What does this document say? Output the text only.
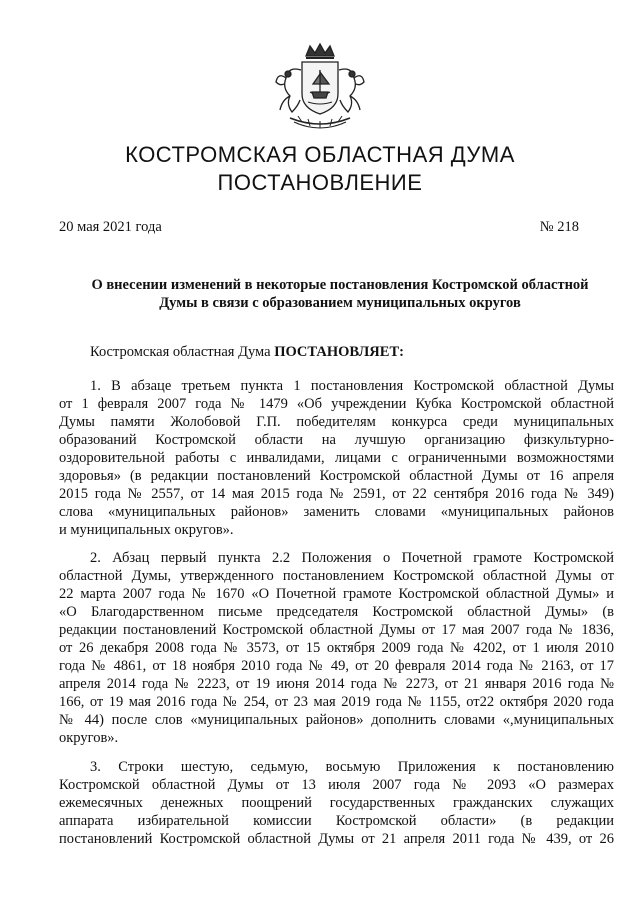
КОСТРОМСКАЯ ОБЛАСТНАЯ ДУМА
ПОСТАНОВЛЕНИЕ
20 мая 2021 года	№ 218
О внесении изменений в некоторые постановления Костромской областной
Думы в связи с образованием муниципальных округов
Костромская областная Дума ПОСТАНОВЛЯЕТ:
1. В абзаце третьем пункта 1 постановления Костромской областной Думы
от 1 февраля 2007 года № 1479 «Об учреждении Кубка Костромской областной
Думы памяти Жолобовой Г.П. победителям конкурса среди муниципальных
образований Костромской области на лучшую организацию физкультурно-
оздоровительной работы с инвалидами, лицами с ограниченными возможностями
здоровья» (в редакции постановлений Костромской областной Думы от 16 апреля
2015 года № 2557, от 14 мая 2015 года № 2591, от 22 сентября 2016 года № 349)
слова «муниципальных районов» заменить словами «муниципальных районов
и муниципальных округов».
2. Абзац первый пункта 2.2 Положения о Почетной грамоте Костромской
областной Думы, утвержденного постановлением Костромской областной Думы от
22 марта 2007 года № 1670 «О Почетной грамоте Костромской областной Думы» и
«О Благодарственном письме председателя Костромской областной Думы» (в
редакции постановлений Костромской областной Думы от 17 мая 2007 года № 1836,
от 26 декабря 2008 года № 3573, от 15 октября 2009 года № 4202, от 1 июля 2010
года № 4861, от 18 ноября 2010 года № 49, от 20 февраля 2014 года № 2163, от 17
апреля 2014 года № 2223, от 19 июня 2014 года № 2273, от 21 января 2016 года №
166, от 19 мая 2016 года № 254, от 23 мая 2019 года № 1155, от22 октября 2020 года
№ 44) после слов «муниципальных районов» дополнить словами «,муниципальных
округов».
3. Строки шестую, седьмую, восьмую Приложения к постановлению
Костромской областной Думы от 13 июля 2007 года № 2093 «О размерах
ежемесячных денежных поощрений государственных гражданских служащих
аппарата избирательной комиссии Костромской области» (в редакции
постановлений Костромской областной Думы от 21 апреля 2011 года № 439, от 26
